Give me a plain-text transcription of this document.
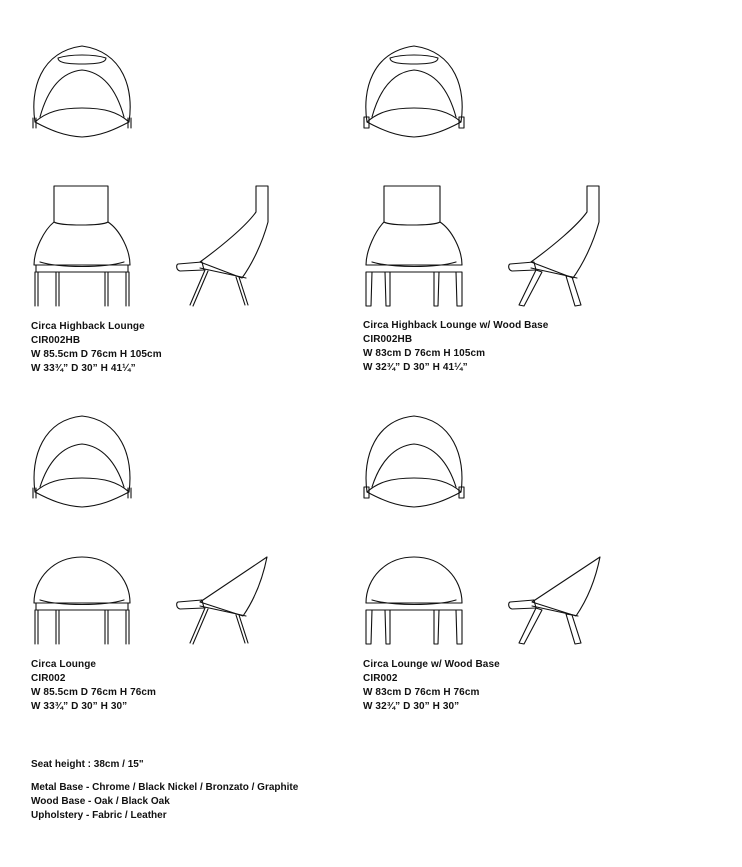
Circa Highback Lounge
CIR002HB
W 85.5cm D 76cm H 105cm
W 33¾” D 30” H 41¼”
Circa Highback Lounge w/ Wood Base
CIR002HB
W 83cm D 76cm H 105cm
W 32¾” D 30” H 41¼”
Circa Lounge
CIR002
W 85.5cm D 76cm H 76cm
W 33¾” D 30” H 30”
Circa Lounge w/ Wood Base
CIR002
W 83cm D 76cm H 76cm
W 32¾” D 30” H 30”
Seat height : 38cm / 15"
Metal Base - Chrome / Black Nickel / Bronzato / Graphite
Wood Base - Oak / Black Oak
Upholstery - Fabric / Leather
